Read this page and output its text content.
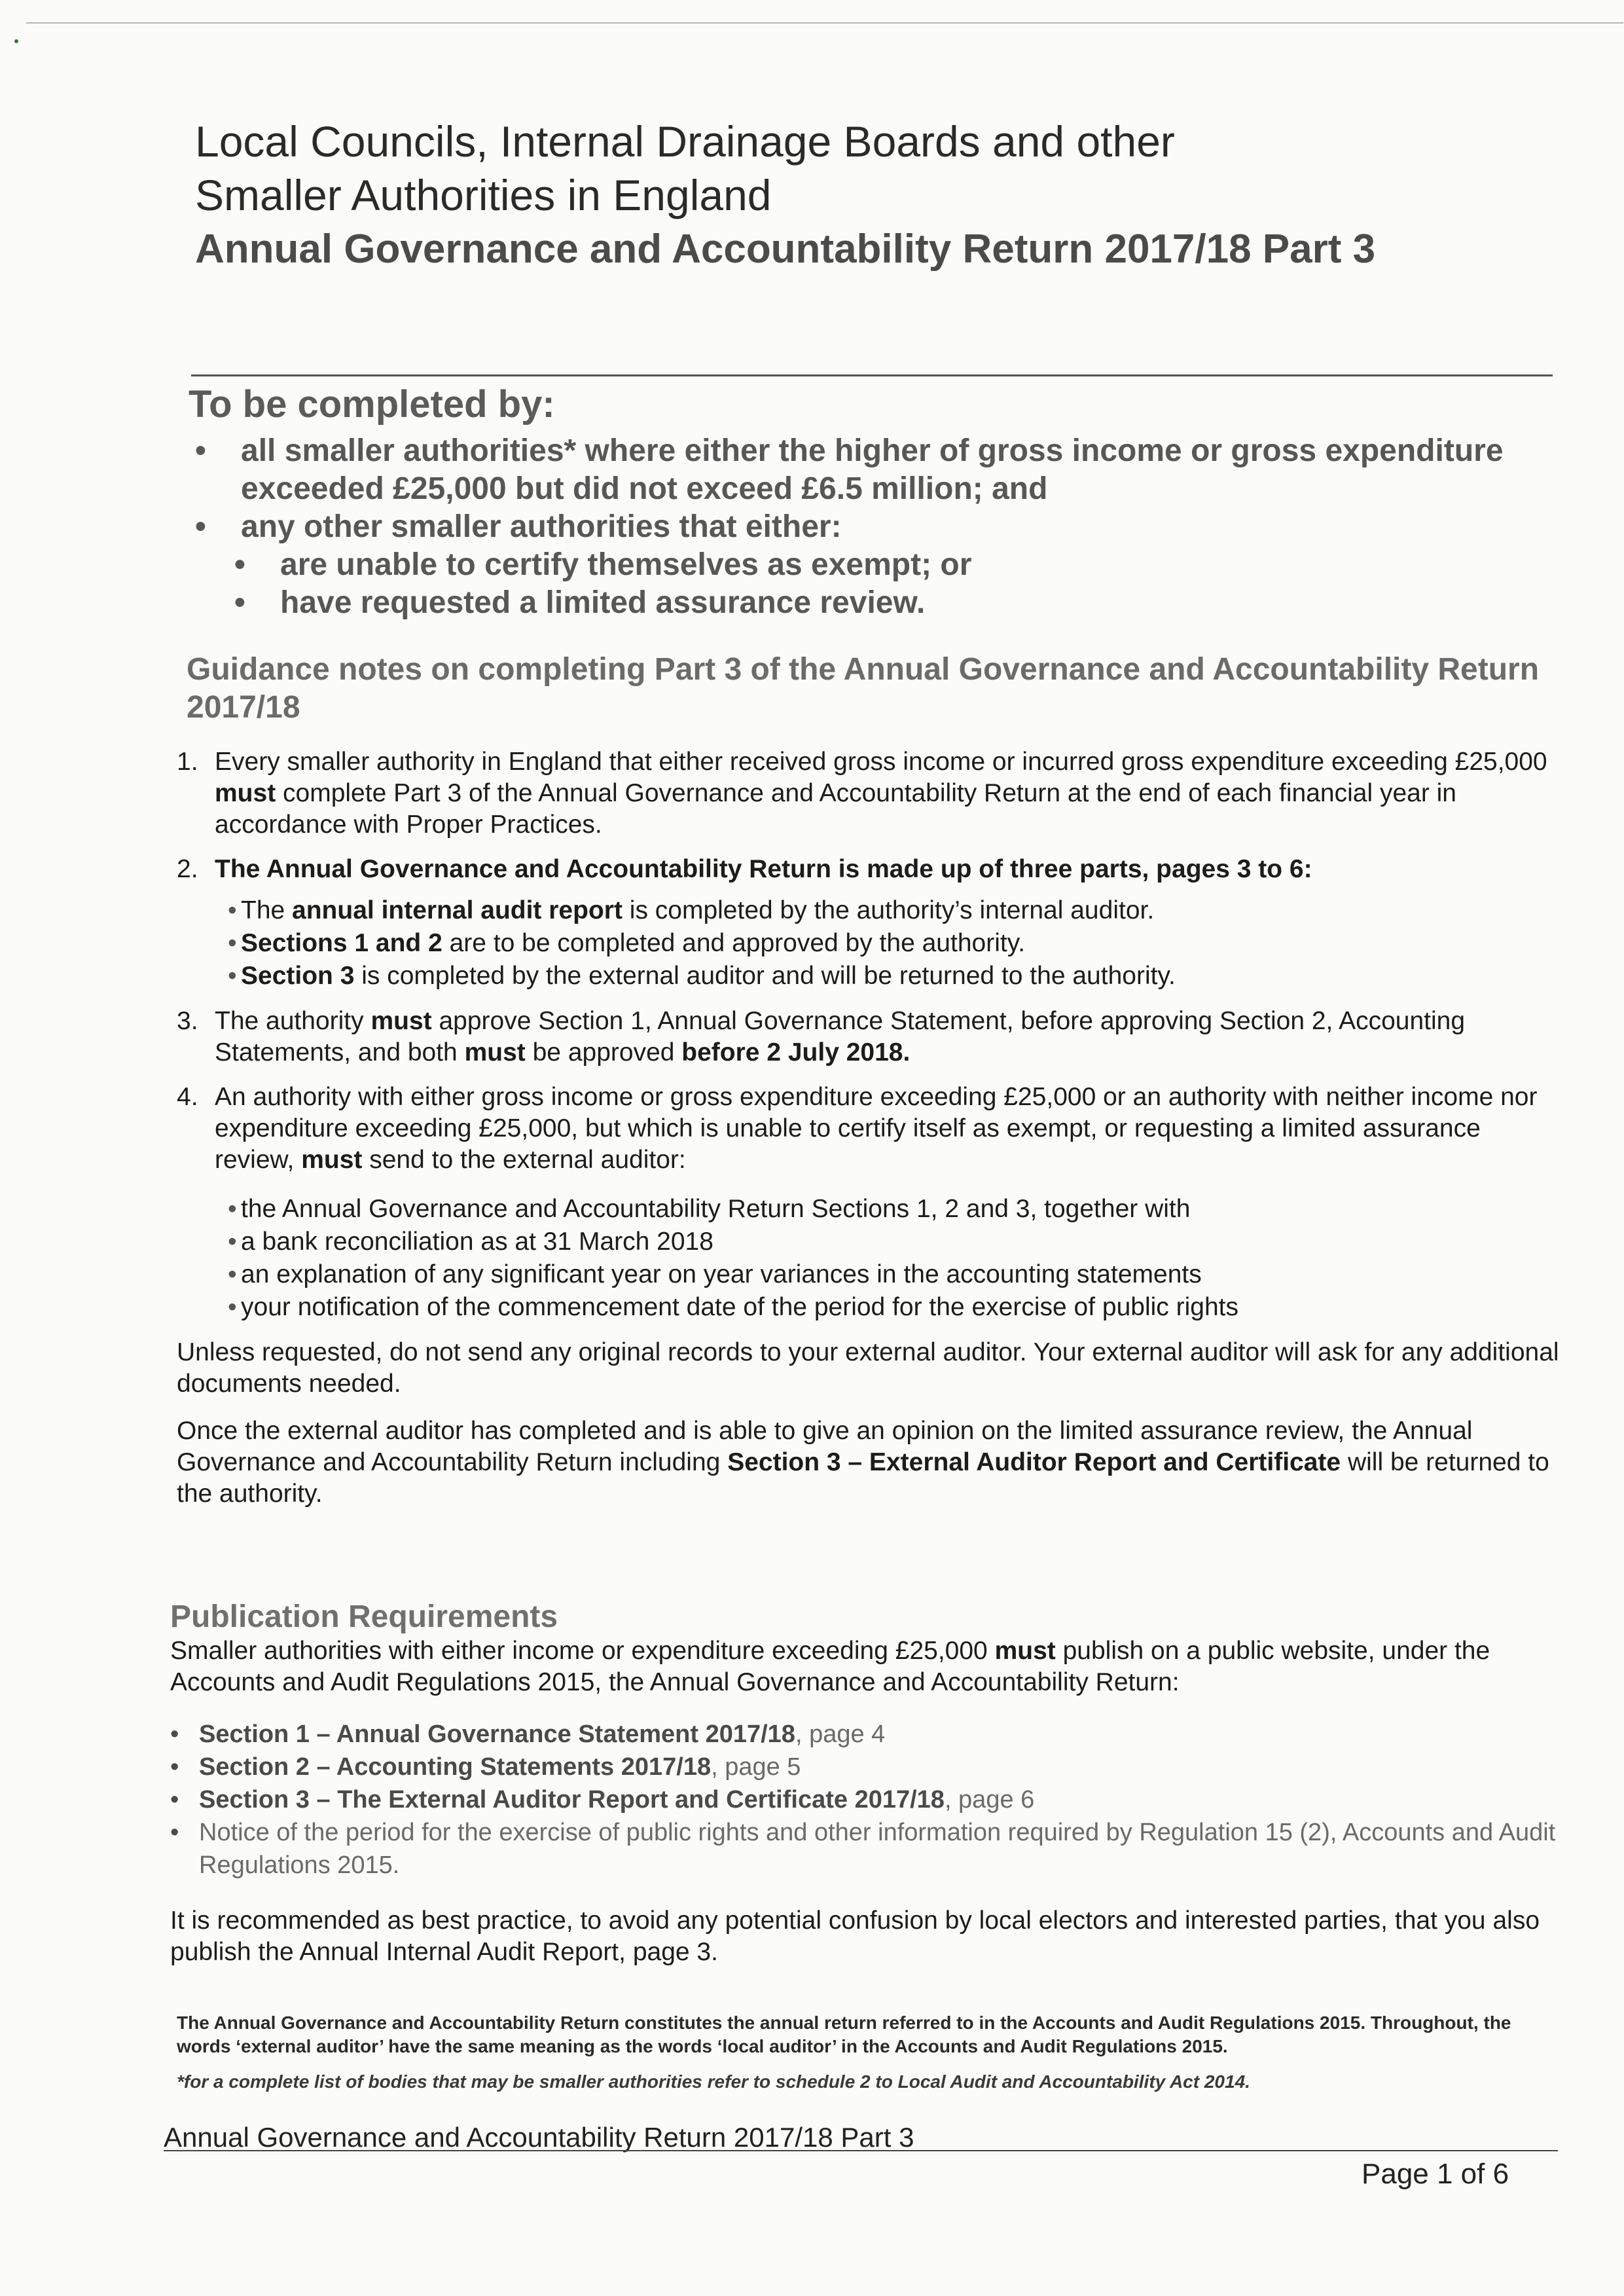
Local Councils, Internal Drainage Boards and other
Smaller Authorities in England
Annual Governance and Accountability Return 2017/18 Part 3
To be completed by:
• all smaller authorities* where either the higher of gross income or gross expenditure exceeded £25,000 but did not exceed £6.5 million; and
• any other smaller authorities that either:
• are unable to certify themselves as exempt; or
• have requested a limited assurance review.
Guidance notes on completing Part 3 of the Annual Governance and Accountability Return 2017/18
1. Every smaller authority in England that either received gross income or incurred gross expenditure exceeding £25,000 must complete Part 3 of the Annual Governance and Accountability Return at the end of each financial year in accordance with Proper Practices.
2. The Annual Governance and Accountability Return is made up of three parts, pages 3 to 6:
• The annual internal audit report is completed by the authority’s internal auditor.
• Sections 1 and 2 are to be completed and approved by the authority.
• Section 3 is completed by the external auditor and will be returned to the authority.
3. The authority must approve Section 1, Annual Governance Statement, before approving Section 2, Accounting Statements, and both must be approved before 2 July 2018.
4. An authority with either gross income or gross expenditure exceeding £25,000 or an authority with neither income nor expenditure exceeding £25,000, but which is unable to certify itself as exempt, or requesting a limited assurance review, must send to the external auditor:
• the Annual Governance and Accountability Return Sections 1, 2 and 3, together with
• a bank reconciliation as at 31 March 2018
• an explanation of any significant year on year variances in the accounting statements
• your notification of the commencement date of the period for the exercise of public rights

Unless requested, do not send any original records to your external auditor. Your external auditor will ask for any additional documents needed.

Once the external auditor has completed and is able to give an opinion on the limited assurance review, the Annual Governance and Accountability Return including Section 3 – External Auditor Report and Certificate will be returned to the authority.

Publication Requirements

Smaller authorities with either income or expenditure exceeding £25,000 must publish on a public website, under the Accounts and Audit Regulations 2015, the Annual Governance and Accountability Return:

• Section 1 – Annual Governance Statement 2017/18, page 4
• Section 2 – Accounting Statements 2017/18, page 5
• Section 3 – The External Auditor Report and Certificate 2017/18, page 6
• Notice of the period for the exercise of public rights and other information required by Regulation 15 (2), Accounts and Audit Regulations 2015.

It is recommended as best practice, to avoid any potential confusion by local electors and interested parties, that you also publish the Annual Internal Audit Report, page 3.

The Annual Governance and Accountability Return constitutes the annual return referred to in the Accounts and Audit Regulations 2015. Throughout, the words ‘external auditor’ have the same meaning as the words ‘local auditor’ in the Accounts and Audit Regulations 2015.

*for a complete list of bodies that may be smaller authorities refer to schedule 2 to Local Audit and Accountability Act 2014.

Annual Governance and Accountability Return 2017/18 Part 3
Page 1 of 6
